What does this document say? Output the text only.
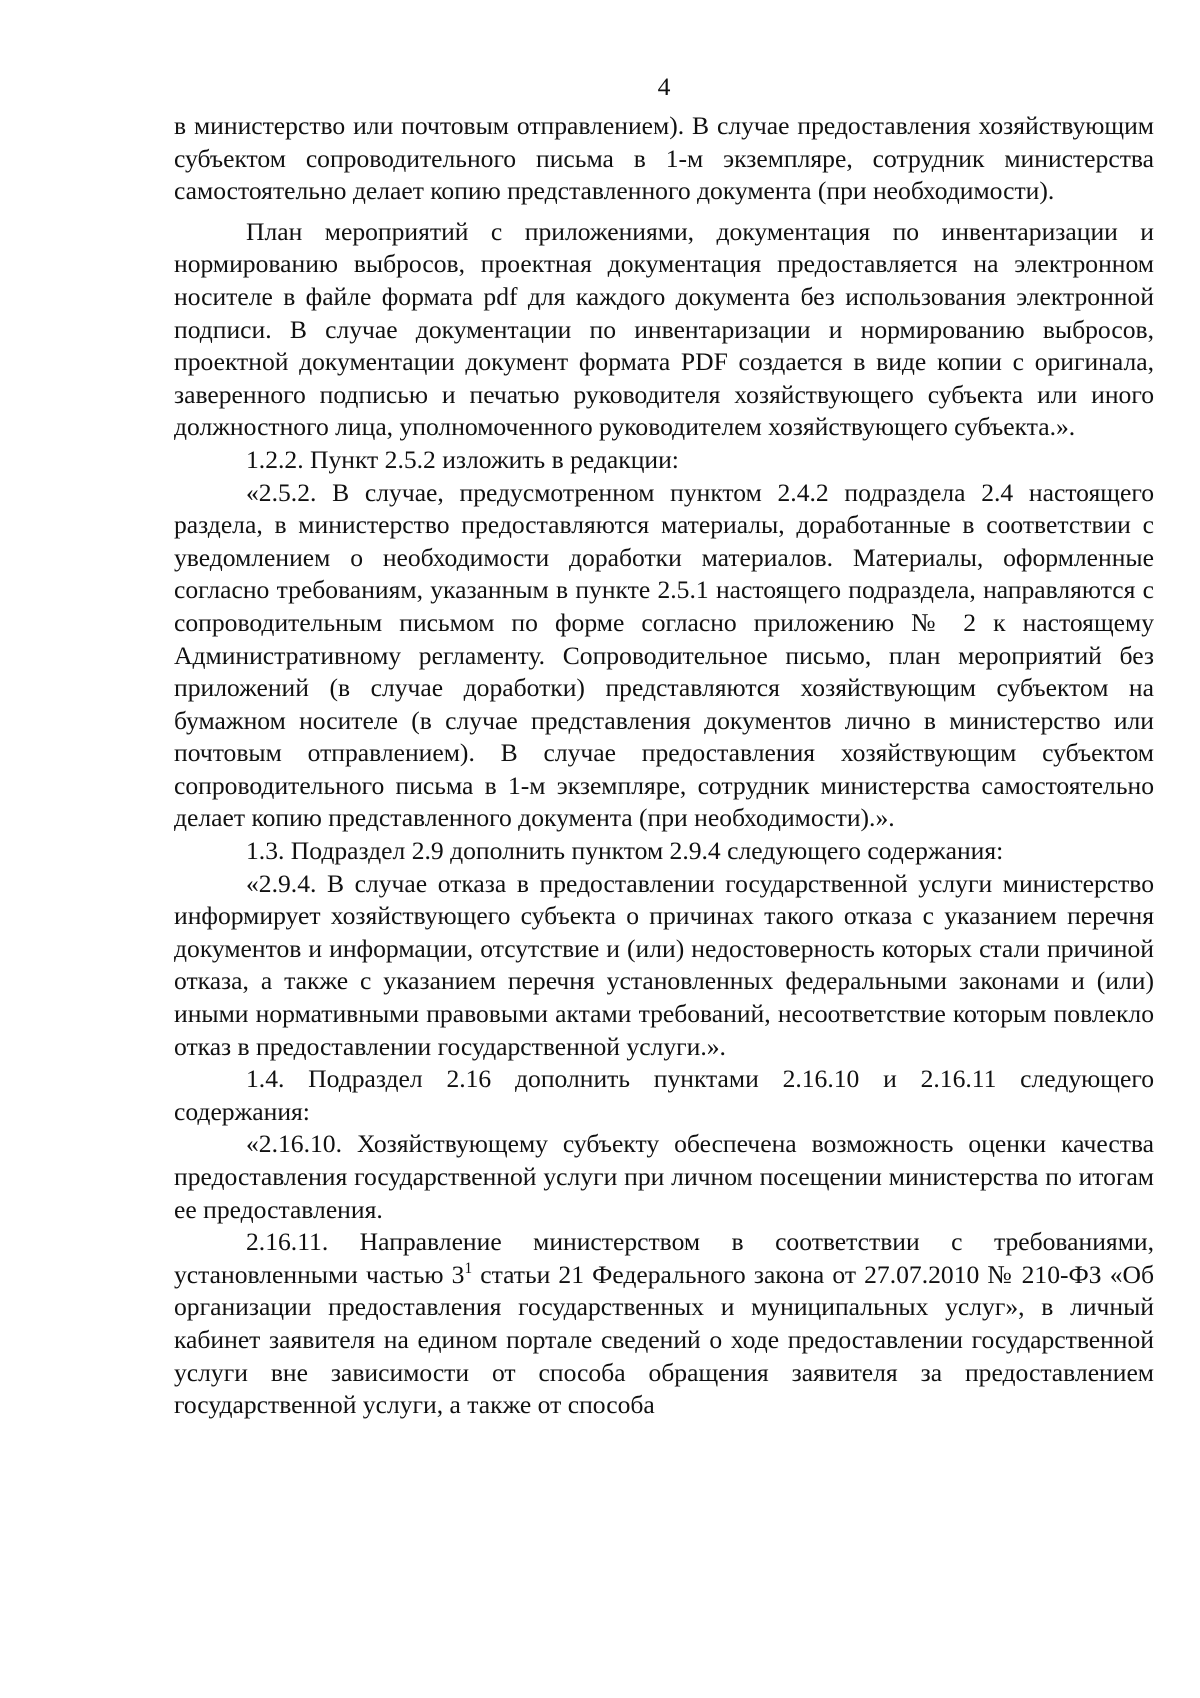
4

в министерство или почтовым отправлением). В случае предоставления хозяйствующим субъектом сопроводительного письма в 1-м экземпляре, сотрудник министерства самостоятельно делает копию представленного документа (при необходимости).

План мероприятий с приложениями, документация по инвентаризации и нормированию выбросов, проектная документация предоставляется на электронном носителе в файле формата pdf для каждого документа без использования электронной подписи. В случае документации по инвентаризации и нормированию выбросов, проектной документации документ формата PDF создается в виде копии с оригинала, заверенного подписью и печатью руководителя хозяйствующего субъекта или иного должностного лица, уполномоченного руководителем хозяйствующего субъекта.».

1.2.2. Пункт 2.5.2 изложить в редакции:

«2.5.2. В случае, предусмотренном пунктом 2.4.2 подраздела 2.4 настоящего раздела, в министерство предоставляются материалы, доработанные в соответствии с уведомлением о необходимости доработки материалов. Материалы, оформленные согласно требованиям, указанным в пункте 2.5.1 настоящего подраздела, направляются с сопроводительным письмом по форме согласно приложению № 2 к настоящему Административному регламенту. Сопроводительное письмо, план мероприятий без приложений (в случае доработки) представляются хозяйствующим субъектом на бумажном носителе (в случае представления документов лично в министерство или почтовым отправлением). В случае предоставления хозяйствующим субъектом сопроводительного письма в 1-м экземпляре, сотрудник министерства самостоятельно делает копию представленного документа (при необходимости).».

1.3. Подраздел 2.9 дополнить пунктом 2.9.4 следующего содержания:

«2.9.4. В случае отказа в предоставлении государственной услуги министерство информирует хозяйствующего субъекта о причинах такого отказа с указанием перечня документов и информации, отсутствие и (или) недостоверность которых стали причиной отказа, а также с указанием перечня установленных федеральными законами и (или) иными нормативными правовыми актами требований, несоответствие которым повлекло отказ в предоставлении государственной услуги.».

1.4. Подраздел 2.16 дополнить пунктами 2.16.10 и 2.16.11 следующего содержания:

«2.16.10. Хозяйствующему субъекту обеспечена возможность оценки качества предоставления государственной услуги при личном посещении министерства по итогам ее предоставления.

2.16.11. Направление министерством в соответствии с требованиями, установленными частью $3^1$ статьи 21 Федерального закона от 27.07.2010 № 210-ФЗ «Об организации предоставления государственных и муниципальных услуг», в личный кабинет заявителя на едином портале сведений о ходе предоставлении государственной услуги вне зависимости от способа обращения заявителя за предоставлением государственной услуги, а также от способа
